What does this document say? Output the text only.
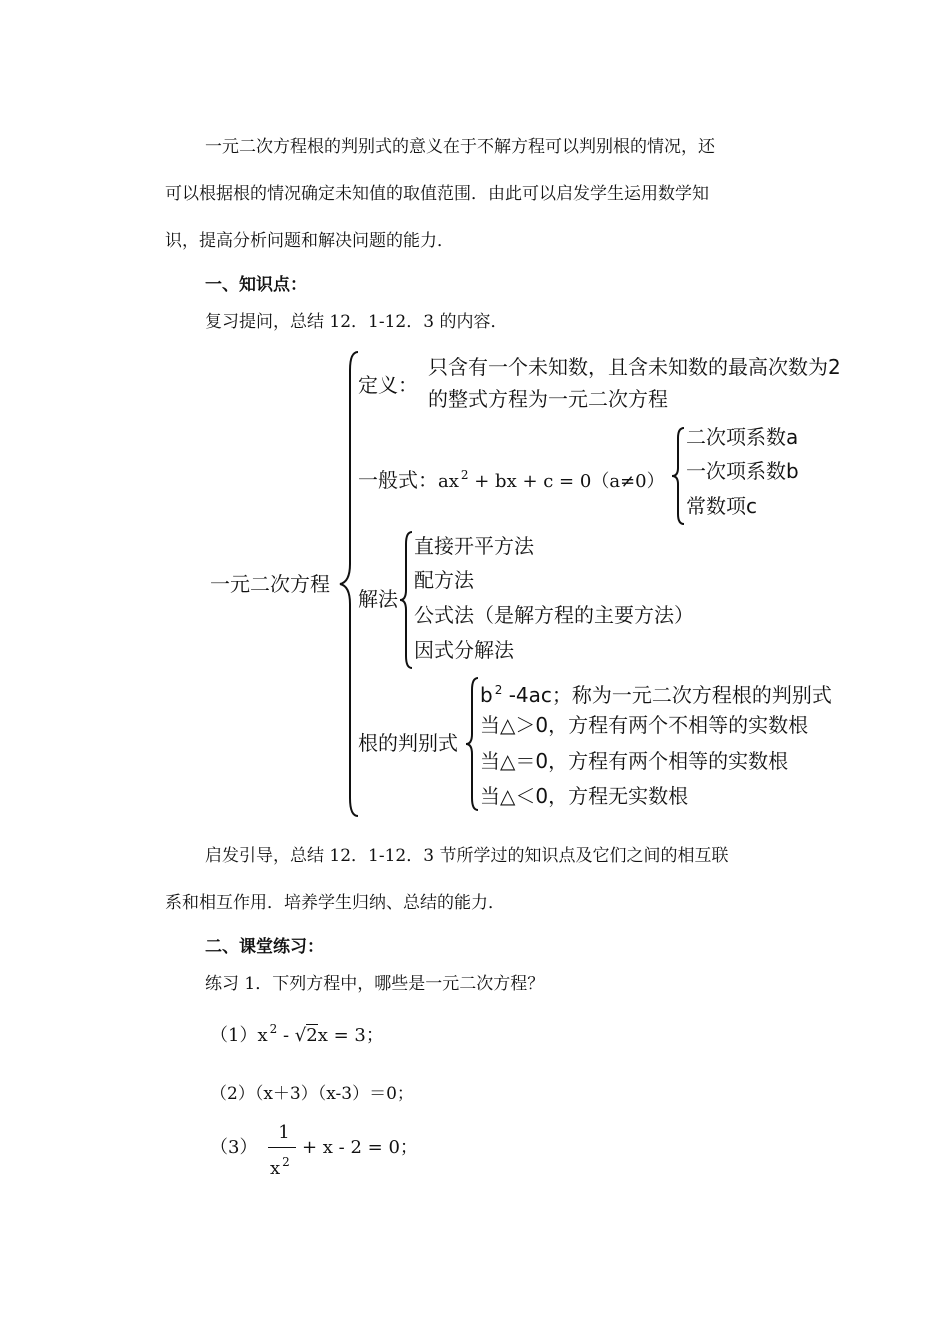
一元二次方程根的判别式的意义在于不解方程可以判别根的情况，还
可以根据根的情况确定未知值的取值范围．由此可以启发学生运用数学知
识，提高分析问题和解决问题的能力．
一、知识点：
复习提问，总结 12．1-12．3 的内容．
一元二次方程
定义：
只含有一个未知数，且含未知数的最高次数为2
的整式方程为一元二次方程
一般式：ax $^2$ + bx + c = 0（a≠0）
二次项系数a
一次项系数b
常数项c
解法
直接开平方法
配方法
公式法（是解方程的主要方法）
因式分解法
根的判别式
b $^2$ -4ac；称为一元二次方程根的判别式
当△＞0，方程有两个不相等的实数根
当△＝0，方程有两个相等的实数根
当△＜0，方程无实数根
启发引导，总结 12．1-12．3 节所学过的知识点及它们之间的相互联
系和相互作用．培养学生归纳、总结的能力．
二、课堂练习：
练习 1．下列方程中，哪些是一元二次方程？
（1）x $^2$ - √2x = 3；
（2）（x＋3）（x-3）＝0；
（3）
1
x $^2$
+ x - 2 = 0；
